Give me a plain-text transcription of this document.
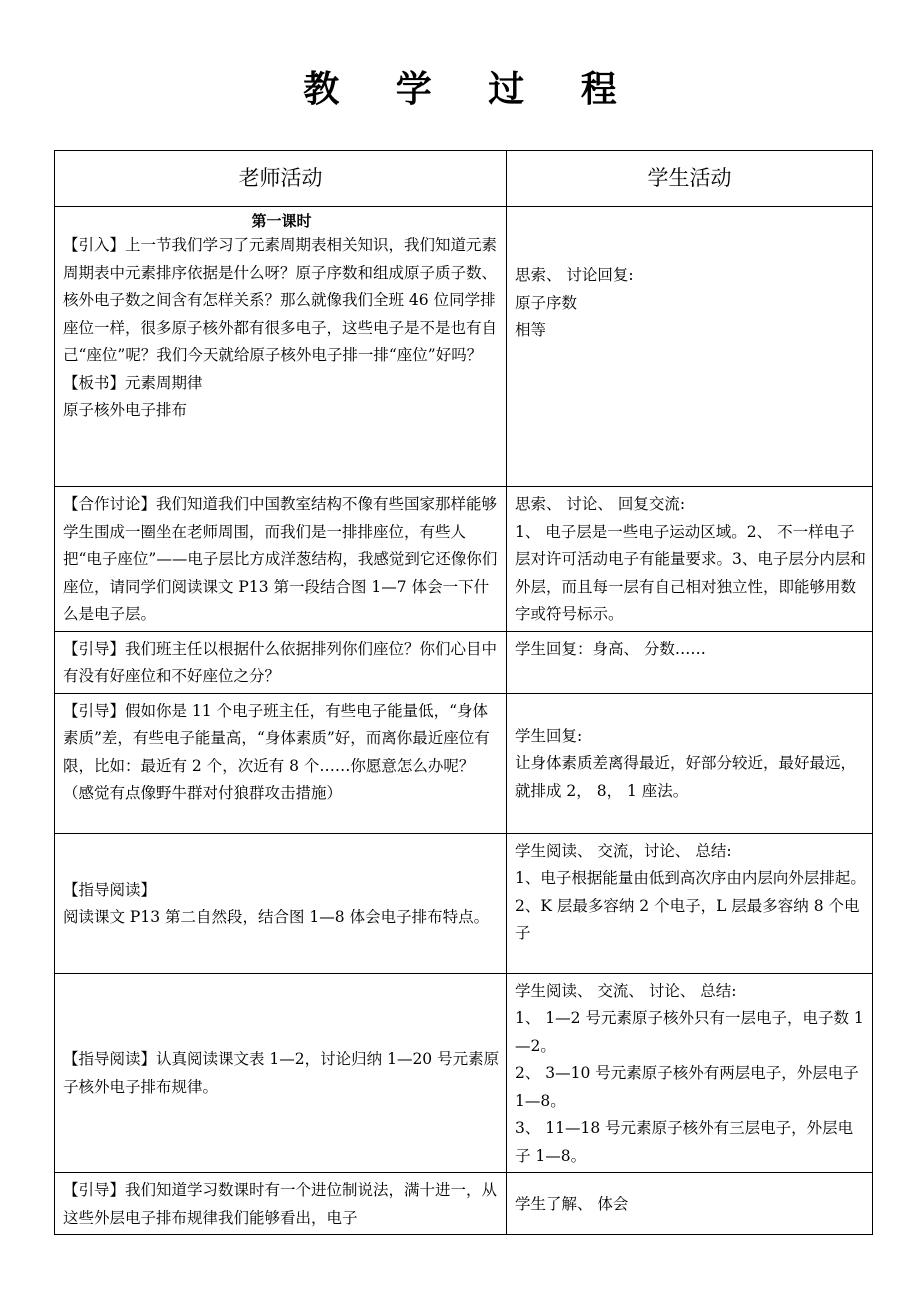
教 学 过 程
老师活动	学生活动

第一课时
【引入】上一节我们学习了元素周期表相关知识，我们知道元素周期表中元素排序依据是什么呀？原子序数和组成原子质子数、 核外电子数之间含有怎样关系？那么就像我们全班 46 位同学排座位一样，很多原子核外都有很多电子，这些电子是不是也有自己“座位”呢？我们今天就给原子核外电子排一排“座位”好吗？
【板书】元素周期律
原子核外电子排布	思索、 讨论回复:
原子序数
相等

【合作讨论】我们知道我们中国教室结构不像有些国家那样能够学生围成一圈坐在老师周围，而我们是一排排座位，有些人把“电子座位”——电子层比方成洋葱结构，我感觉到它还像你们座位，请同学们阅读课文 P13 第一段结合图 1—7 体会一下什么是电子层。	思索、 讨论、 回复交流:
1、 电子层是一些电子运动区域。2、 不一样电子层对许可活动电子有能量要求。3、电子层分内层和外层，而且每一层有自己相对独立性，即能够用数字或符号标示。

【引导】我们班主任以根据什么依据排列你们座位？你们心目中有没有好座位和不好座位之分？	学生回复：身高、 分数……

【引导】假如你是 11 个电子班主任，有些电子能量低，“身体素质”差，有些电子能量高，“身体素质”好，而离你最近座位有限，比如：最近有 2 个，次近有 8 个……你愿意怎么办呢？
（感觉有点像野牛群对付狼群攻击措施）	学生回复:
让身体素质差离得最近，好部分较近，最好最远，就排成 2， 8， 1 座法。

【指导阅读】
阅读课文 P13 第二自然段，结合图 1—8 体会电子排布特点。	学生阅读、 交流，讨论、 总结:
1、电子根据能量由低到高次序由内层向外层排起。
2、K 层最多容纳 2 个电子，L 层最多容纳 8 个电子

【指导阅读】认真阅读课文表 1—2，讨论归纳 1—20 号元素原子核外电子排布规律。	学生阅读、 交流、 讨论、 总结:
1、 1—2 号元素原子核外只有一层电子，电子数 1—2。
2、 3—10 号元素原子核外有两层电子，外层电子 1—8。
3、 11—18 号元素原子核外有三层电子，外层电子 1—8。

【引导】我们知道学习数课时有一个进位制说法，满十进一，从这些外层电子排布规律我们能够看出，电子	学生了解、 体会
